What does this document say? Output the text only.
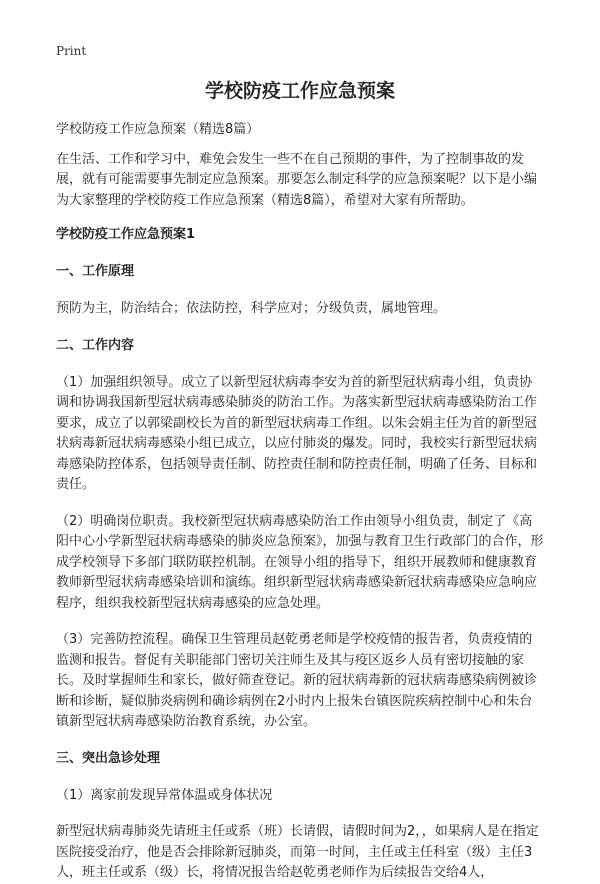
Print
学校防疫工作应急预案

学校防疫工作应急预案（精选8篇）

在生活、工作和学习中，难免会发生一些不在自己预期的事件，为了控制事故的发展，就有可能需要事先制定应急预案。那要怎么制定科学的应急预案呢？以下是小编为大家整理的学校防疫工作应急预案（精选8篇），希望对大家有所帮助。

学校防疫工作应急预案1
一、工作原理

预防为主，防治结合；依法防控，科学应对；分级负责，属地管理。

二、工作内容

（1）加强组织领导。成立了以新型冠状病毒李安为首的新型冠状病毒小组，负责协调和协调我国新型冠状病毒感染肺炎的防治工作。为落实新型冠状病毒感染防治工作要求，成立了以郭梁副校长为首的新型冠状病毒工作组。以朱会娟主任为首的新型冠状病毒新冠状病毒感染小组已成立，以应付肺炎的爆发。同时，我校实行新型冠状病毒感染防控体系，包括领导责任制、防控责任制和防控责任制，明确了任务、目标和责任。

（2）明确岗位职责。我校新型冠状病毒感染防治工作由领导小组负责，制定了《高阳中心小学新型冠状病毒感染的肺炎应急预案》，加强与教育卫生行政部门的合作，形成学校领导下多部门联防联控机制。在领导小组的指导下，组织开展教师和健康教育教师新型冠状病毒感染培训和演练。组织新型冠状病毒感染新冠状病毒感染应急响应程序，组织我校新型冠状病毒感染的应急处理。

（3）完善防控流程。确保卫生管理员赵乾勇老师是学校疫情的报告者，负责疫情的监测和报告。督促有关职能部门密切关注师生及其与疫区返乡人员有密切接触的家长。及时掌握师生和家长，做好筛查登记。新的冠状病毒新的冠状病毒感染病例被诊断和诊断，疑似肺炎病例和确诊病例在2小时内上报朱台镇医院疾病控制中心和朱台镇新型冠状病毒感染防治教育系统，办公室。

三、突出急诊处理

（1）离家前发现异常体温或身体状况

新型冠状病毒肺炎先请班主任或系（班）长请假，请假时间为2，，如果病人是在指定医院接受治疗，他是否会排除新冠肺炎，而第一时间，主任或主任科室（级）主任3人，班主任或系（级）长，将情况报告给赵乾勇老师作为后续报告交给4人，
